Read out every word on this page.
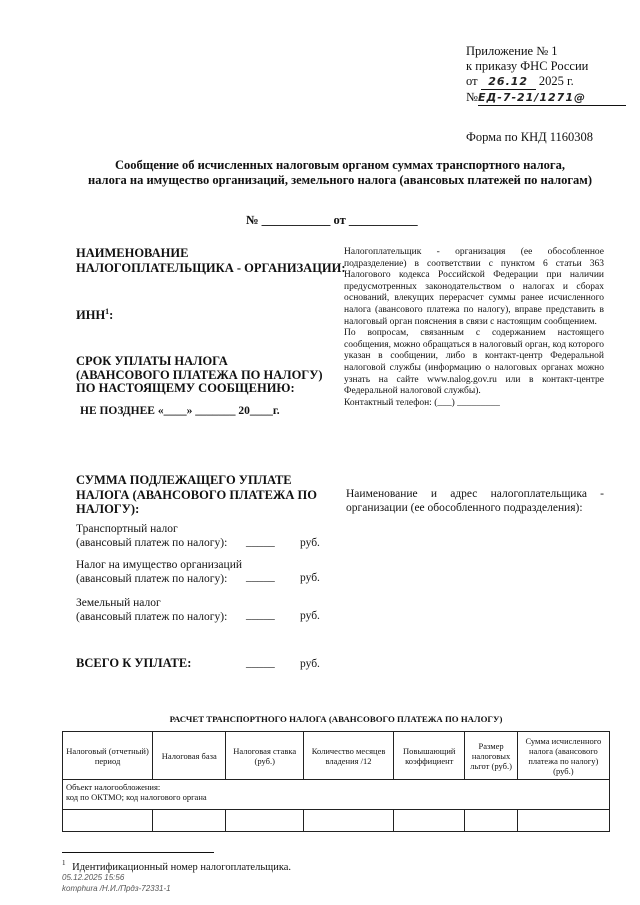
Приложение № 1
к приказу ФНС России
от 26.12 2025 г.
№ЕД-7-21/1271@
Форма по КНД 1160308
Сообщение об исчисленных налоговым органом суммах транспортного налога,
налога на имущество организаций, земельного налога (авансовых платежей по налогам)
№ ___________ от ___________
НАИМЕНОВАНИЕ
НАЛОГОПЛАТЕЛЬЩИКА - ОРГАНИЗАЦИИ:
ИНН$^1$:
СРОК УПЛАТЫ НАЛОГА
(АВАНСОВОГО ПЛАТЕЖА ПО НАЛОГУ)
ПО НАСТОЯЩЕМУ СООБЩЕНИЮ:
НЕ ПОЗДНЕЕ «____» _______ 20____г.
СУММА ПОДЛЕЖАЩЕГО УПЛАТЕ
НАЛОГА (АВАНСОВОГО ПЛАТЕЖА ПО
НАЛОГУ):
Транспортный налог
(авансовый платеж по налогу): _____ руб.
Налог на имущество организаций
(авансовый платеж по налогу):	_____ руб.
Земельный налог
(авансовый платеж по налогу): _____ руб.
ВСЕГО К УПЛАТЕ:	_____ руб.
Налогоплательщик - организация (ее обособленное подразделение) в соответствии с пунктом 6 статьи 363 Налогового кодекса Российской Федерации при наличии предусмотренных законодательством о налогах и сборах оснований, влекущих перерасчет суммы ранее исчисленного налога (авансового платежа по налогу), вправе представить в налоговый орган пояснения в связи с настоящим сообщением.
По вопросам, связанным с содержанием настоящего сообщения, можно обращаться в налоговый орган, код которого указан в сообщении, либо в контакт-центр Федеральной налоговой службы (информацию о налоговых органах можно узнать на сайте www.nalog.gov.ru или в контакт-центре Федеральной налоговой службы).
Контактный телефон: (___) _________
Наименование и адрес налогоплательщика - организации (ее обособленного подразделения):
РАСЧЕТ ТРАНСПОРТНОГО НАЛОГА (АВАНСОВОГО ПЛАТЕЖА ПО НАЛОГУ)
Налоговый (отчетный) период	Налоговая база	Налоговая ставка (руб.)	Количество месяцев владения /12	Повышающий коэффициент	Размер налоговых льгот (руб.)	Сумма исчисленного налога (авансового платежа по налогу) (руб.)

Объект налогообложения:
код по ОКТМО; код налогового органа						

$^1$ Идентификационный номер налогоплательщика.
05.12.2025 15:56
komphura /Н.И./Прдз-72331-1
